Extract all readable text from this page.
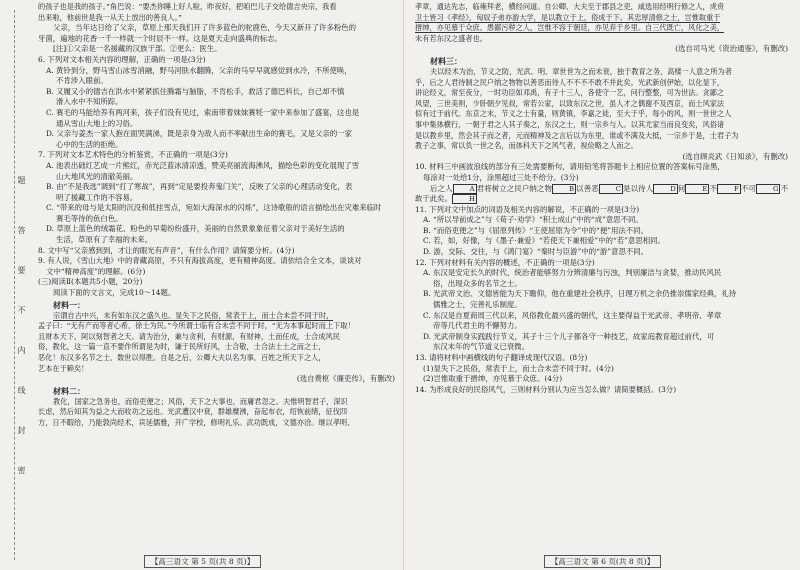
题
答
要
不
内
线
封
密

的孩子也是我的孩子。”角巴说：“要杰你睡上好人啦，昨夜好，把咱巴儿子交给德吉央宗，我看

出来啦，他前世是我一从天上放出的善良人。”

父亲，当年达日给了父亲，草原上那天我们开了许多蓝色的驼鹿色，今天又新开了许多粉色的

牙菌，遍地的花香一千一样就一个时辰不一样。这是夏天走向盛典的标志。

[注]①父亲是一名援藏的汉族干部。②更么：医生。

6. 下列对文本相关内容的理解，正确的一项是(3分)

A. 黄铃到分，野马雪山冰雪消融，野马河肤水翻腾，父亲的马早早就感觉到水冷，不所使唤，

不肯涉入眼前。

B. 又履又小的德吉在洪水中紧紧抓住腾霜与脑脂，不肯松手，救活了德巴科长，自己却不慎

滑入水中不知所踪。

C. 赛毛的马能给养有两河来，孩子们没有见过，索南带着妹妹赛牦一家中来参加了盛宴，这也是

通从雪山大地上的习俗。

D. 父亲与姜杰一家人抱在面哭满涕，既是亲身为敌人而不率献出生命的赛毛，又是父亲的一家

心中的生活的拒绝。

7. 下列对文本艺术特色的分析鉴赏，不正确的一项是(3分)

A. 池表出础红艺成一片熊红，赤光泛蓝冰清凉透，赞美亮丽流海沸风，描绘色彩的变化展现了雪

山大地风光的清澈美丽。

B. 由“不是我选”调到“打了寒战”，再到“定是要投奔鬼门关”，反映了父亲的心理活动变化，表

明了援藏工作的不容易。

C. “带来的母与是太阳的沉没和低挂雪点，宛如大海深水的闪烁”，这诗歌般的语言描绘出在灾难来临时

赛毛等待的鱼白色。

D. 草原上蓝色的绒霜花、粉色的早菊纷纷盛开，美丽的自然景象象征着父亲对于美好生活的

生活，草原有了幸福的未来。

8. 文中写“父亲感到到，才让的眼光有声音”，有什么作用？请简要分析。(4分)

9. 有人说，《雪山大地》中的青藏高原，不只有海拔高度，更有精神高度。请依结合全文本，谈谈对

文中“精神高度”的理解。(6分)

(三)阅读Ⅱ(本题共5小题，20分)

阅读下面的文言文，完成10～14题。

材料一：

宗谓自古中兴，未有如东汉之盛久也。显失下之民俗，常表于上，而士合未尝不同于时，

孟子曰：“无有产而等者心希，徐士为民。”今所谓士临有合未尝不同于时，“无为本事起时而上下取！

且财本天下，阿以刻智者之天。请为治分，兼与贪利，有财源，有财神，土而任成，士合成风民

俗，教化，这一篇一直不要作所谓是为时，谦于民所好风，士合敬，士合法士土之而之士，

恶化！东汉多名节之士，数世以得胜。自是之后，公卿大夫以名为事，百姓之所天下之人，

艺本在于赖矣！

(选自费枢《廉吏传》，有删改)

材料二：

教化，国家之急务也，而俗吏便之；风俗，天下之大事也，而庸君忽之。夫惟明智君子，深识

长虑，然后知其为益之大而收功之远也。光武遭汉中衰，群雄糜沸，奋起布衣，绍恢前绪，征伐四

方，日不暇给，乃能敦尚经术，宾延儒雅，开广学校，修明礼乐。武功既成，文德亦洽。继以孝明、

【高三语文 第 5 页(共 8 页)】

孝章，通达先志，临雍拜老，横经问道。自公卿、大夫至于郡县之吏，咸选用经明行修之人，虎贲

卫士皆习《孝经》，匈奴子弟亦游大学，是以教立于上，俗成于下。其忠厚清修之士，岂惟取重于

搢绅，亦见慕于众庶。愚鄙污秽之人，岂惟不容于朝廷，亦见弃于乡里。自三代既亡，风化之美，

未有若东汉之盛者也。

(选自司马光《资治通鉴》，有删改)

材料三：

夫以经术为治，节义之防，光武、明、章世世为之而未衰，独于教育之务，高楼一人意之所为者

乎，后之人君待制之民户纳之物物以善恶而待人不不不不敢不并此矣。光武新创伊始，以化显下，

讲论经义，常至夜分，一时功臣如邓禹，有子十三人，各使守一艺，问行整整，可为世法。贪鄙之

风望，三世美则，少卧朝夕见叔，常若公家，以致东汉之世，虽人才之偶谢不及西京，而士风家法

似有过于前代。东京之末，节义之士有量，则黄镇，李嘉之徒，至大于乎，每小的风，则一世世之人

事中集体横行，一朝于君之人其子奏之，东汉之士，则一宗乡与人。以其尤家当而良变矣，风俗诸

是以教乡里，然会其子而之者，元而精神及之言后以为东里，谁或不满及大抵，一宗乡于是，士君子为

教子之事，常以负一世之名，而体科天下之风气者，视俭略之人而之。

(选自顾炎武《日知录》，有删改)

10. 材料三中画波浪线的部分有三处需要断句，请用铅笔将答题卡上相应位置的答案标号涂黑，

每涂对一处给1分，涂黑超过三处不给分。(3分)

后之人	A 君将树立之民户纳之物	B 以善恶	C 是以待人	D 何	E 不	F 不可	G 不敢干此矣。	H

11. 下列对文中加点的词语及相关内容的解说，不正确的一项是(3分)

A. “所以导前成之”与《荀子·劝学》“积土成山”中的“成”意思不同。

B. “而俗吏便之”与《屈原列传》“王使屈原为令”中的“便”用法不同。

C. 若，如，好像，与《墨子·兼爱》“若使天下兼相爱”中的“若”意思相同。

D. 游，交际、交往，与《鸿门宴》“秦时与臣游”中的“游”意思不同。

12. 下列对材料有关内容的概述，不正确的一项是(3分)

A. 东汉是安定长久的时代，统治者能够努力分辨清廉与污浊，判别廉洁与贪婪，推动民风民

俗，出现众多的名节之士。

B. 光武帝文治、文德皆能为天下瞻仰，他在重建社会秩序，日理万机之余仍推崇儒家经典，礼待

儒雅之士，完善礼乐制度。

C. 东汉是自夏商周三代以来，风俗教化最兴盛的朝代，这主要得益于光武帝、孝明帝、孝章

帝等几代君主的不懈努力。

D. 光武帝制身实践践行节义，其子十三个儿子都各守一种技艺，故家庭教育超过前代，可

东汉末年的气节道义已衰微。

13. 请将材料中画横线的句子翻译成现代汉语。(8分)

(1)显失下之民俗，常表于上，而士合未尝不同于时。(4分)

(2)岂惟取重于搢绅，亦见慕于众庶。(4分)

14. 为形成良好的民俗风气，三则材料分别认为应当怎么做？请简要概括。(3分)

【高三语文 第 6 页(共 8 页)】
